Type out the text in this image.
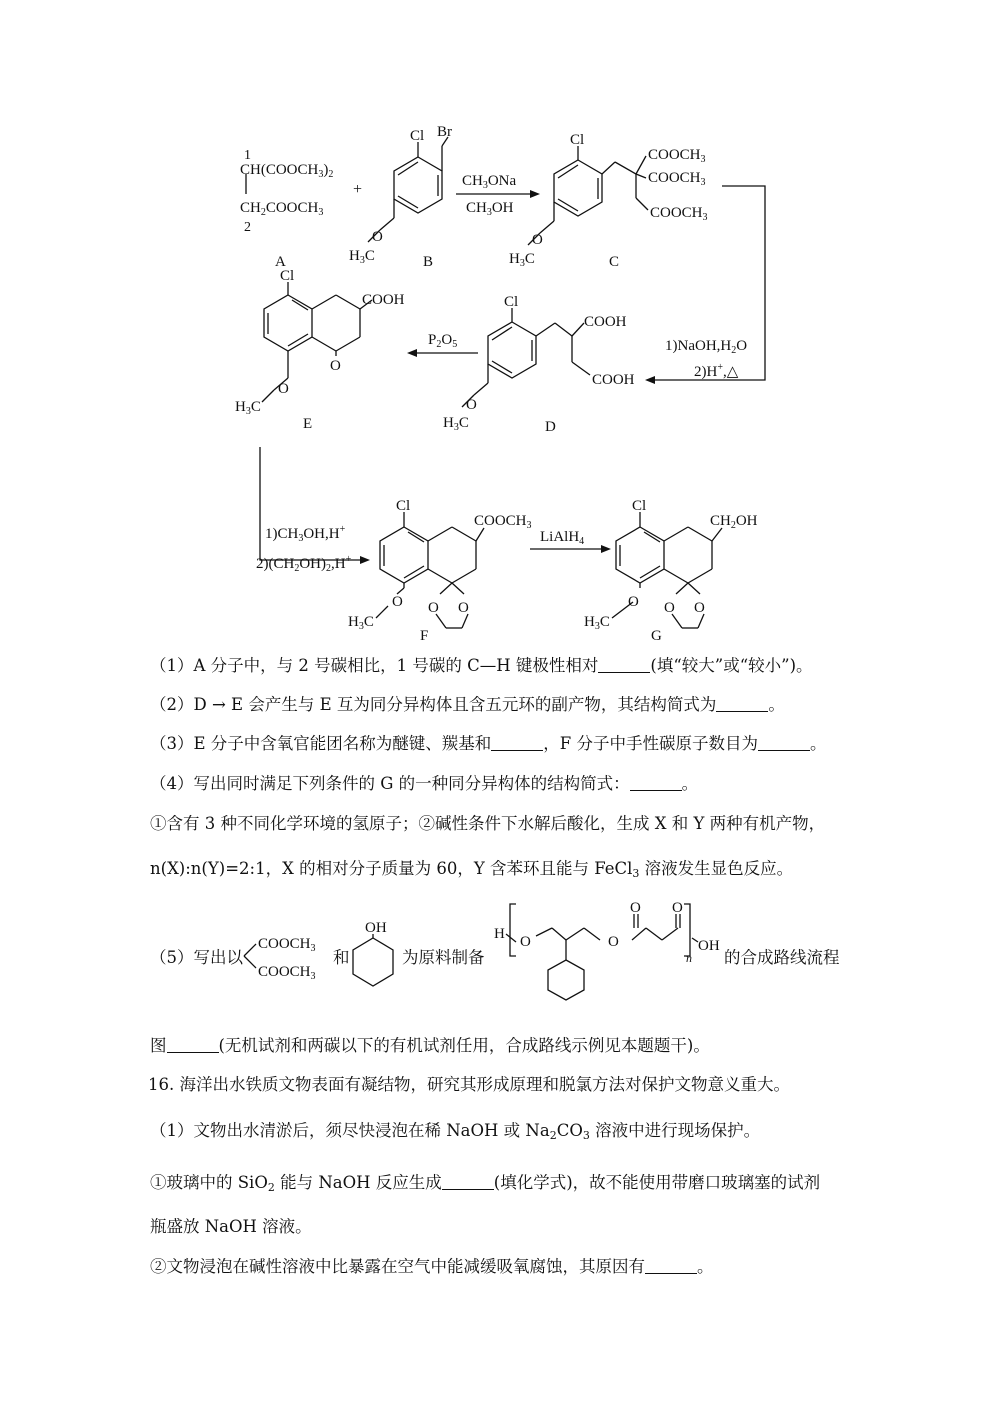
1
$CH(COOCH_3)_2$
$CH_2COOCH_3$
2
+
A
Cl Br
O
$H_3C$	B
$CH_3ONa$
$CH_3OH$
Cl
$COOCH_3$
$COOCH_3$
$COOCH_3$
O
$H_3C$	C
$1)NaOH,H_2O$
2)H+,△
Cl
COOH
COOH
O
$H_3C$	D
$P_2O_5$
Cl
COOH
O
O
$H_3C$
E
$1)CH_3OH,H^+$
$2)(CH_2OH)_2,H^+$
Cl
$COOCH_3$
O O
O
$H_3C$
F
LiAlH$_4$
Cl
$CH_2OH$
O O
O
$H_3C$
G
（1）A 分子中，与 2 号碳相比，1 号碳的 C—H 键极性相对	(填“较大”或“较小”)。
（2）D → E 会产生与 E 互为同分异构体且含五元环的副产物，其结构简式为	。
（3）E 分子中含氧官能团名称为醚键、羰基和	，F 分子中手性碳原子数目为	。
（4）写出同时满足下列条件的 G 的一种同分异构体的结构简式：	。
①含有 3 种不同化学环境的氢原子；②碱性条件下水解后酸化，生成 X 和 Y 两种有机产物，
n(X):n(Y)=2:1，X 的相对分子质量为 60，Y 含苯环且能与 FeCl$_3$ 溶液发生显色反应。
（5）写出以
$COOCH_3$
$COOCH_3$
和
OH
为原料制备
H O	O
O O
n
OH
的合成路线流程
图	(无机试剂和两碳以下的有机试剂任用，合成路线示例见本题题干)。
16. 海洋出水铁质文物表面有凝结物，研究其形成原理和脱氯方法对保护文物意义重大。
（1）文物出水清淤后，须尽快浸泡在稀 NaOH 或 $Na_2CO_3$ 溶液中进行现场保护。
①玻璃中的 SiO$_2$ 能与 NaOH 反应生成	(填化学式)，故不能使用带磨口玻璃塞的试剂
瓶盛放 NaOH 溶液。
②文物浸泡在碱性溶液中比暴露在空气中能减缓吸氧腐蚀，其原因有	。
